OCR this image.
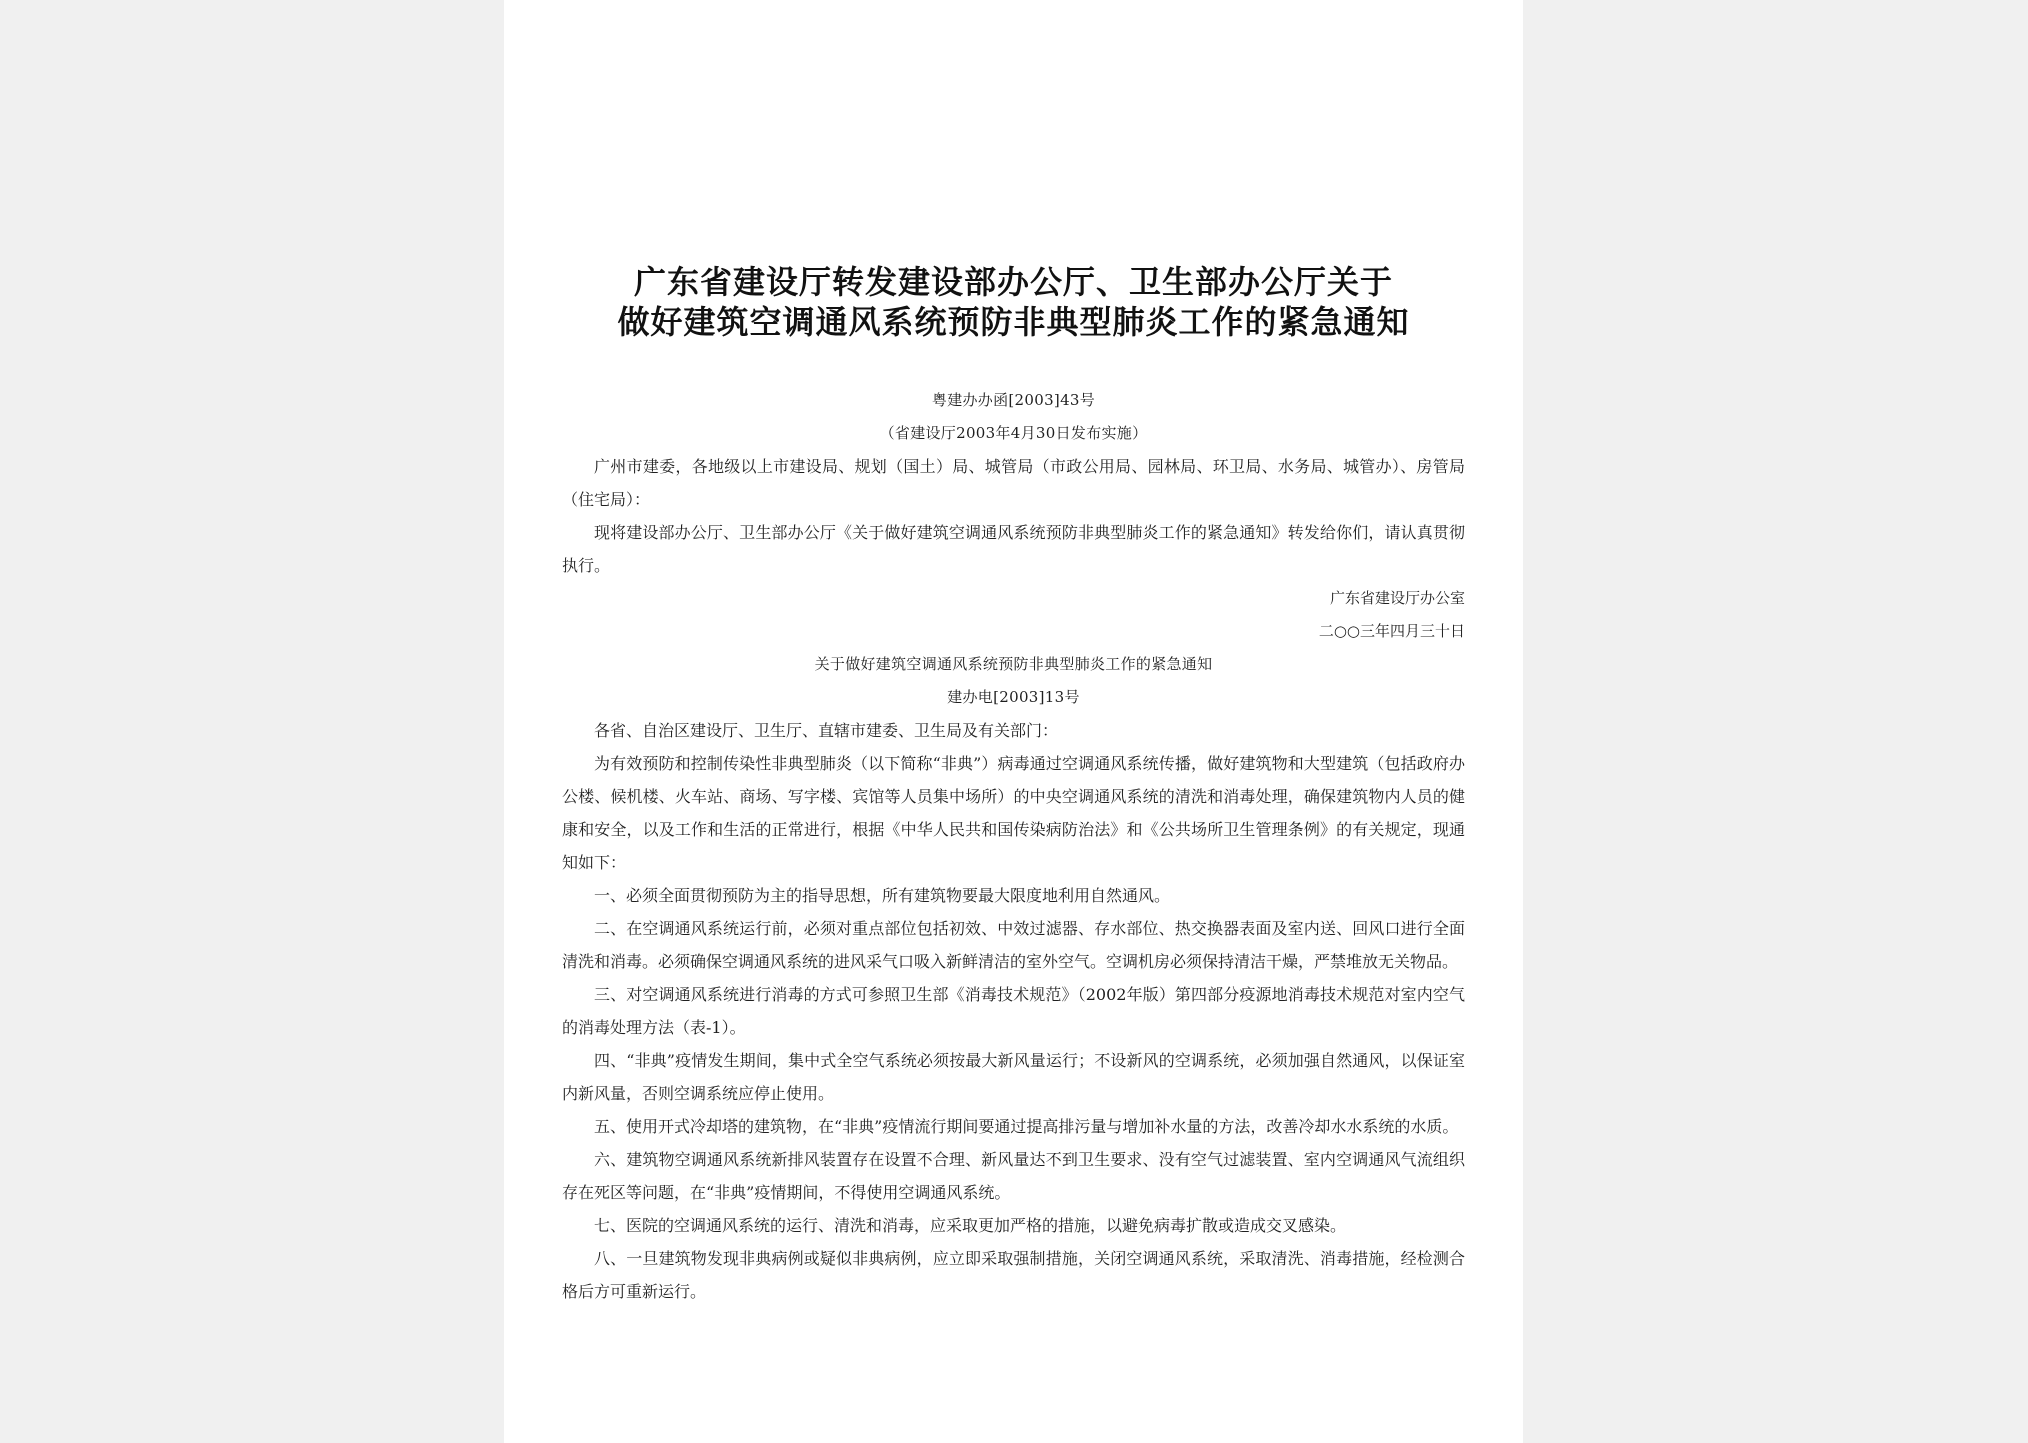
广东省建设厅转发建设部办公厅、卫生部办公厅关于
做好建筑空调通风系统预防非典型肺炎工作的紧急通知
粤建办办函[2003]43号
（省建设厅2003年4月30日发布实施）

广州市建委，各地级以上市建设局、规划（国土）局、城管局（市政公用局、园林局、环卫局、水务局、城管办）、房管局（住宅局）：

现将建设部办公厅、卫生部办公厅《关于做好建筑空调通风系统预防非典型肺炎工作的紧急通知》转发给你们，请认真贯彻执行。

广东省建设厅办公室
二○○三年四月三十日
关于做好建筑空调通风系统预防非典型肺炎工作的紧急通知
建办电[2003]13号

各省、自治区建设厅、卫生厅、直辖市建委、卫生局及有关部门：

为有效预防和控制传染性非典型肺炎（以下简称“非典”）病毒通过空调通风系统传播，做好建筑物和大型建筑（包括政府办公楼、候机楼、火车站、商场、写字楼、宾馆等人员集中场所）的中央空调通风系统的清洗和消毒处理，确保建筑物内人员的健康和安全，以及工作和生活的正常进行，根据《中华人民共和国传染病防治法》和《公共场所卫生管理条例》的有关规定，现通知如下：

一、必须全面贯彻预防为主的指导思想，所有建筑物要最大限度地利用自然通风。

二、在空调通风系统运行前，必须对重点部位包括初效、中效过滤器、存水部位、热交换器表面及室内送、回风口进行全面清洗和消毒。必须确保空调通风系统的进风采气口吸入新鲜清洁的室外空气。空调机房必须保持清洁干燥，严禁堆放无关物品。

三、对空调通风系统进行消毒的方式可参照卫生部《消毒技术规范》（2002年版）第四部分疫源地消毒技术规范对室内空气的消毒处理方法（表-1）。

四、“非典”疫情发生期间，集中式全空气系统必须按最大新风量运行；不设新风的空调系统，必须加强自然通风，以保证室内新风量，否则空调系统应停止使用。

五、使用开式冷却塔的建筑物，在“非典”疫情流行期间要通过提高排污量与增加补水量的方法，改善冷却水水系统的水质。

六、建筑物空调通风系统新排风装置存在设置不合理、新风量达不到卫生要求、没有空气过滤装置、室内空调通风气流组织存在死区等问题，在“非典”疫情期间，不得使用空调通风系统。

七、医院的空调通风系统的运行、清洗和消毒，应采取更加严格的措施，以避免病毒扩散或造成交叉感染。

八、一旦建筑物发现非典病例或疑似非典病例，应立即采取强制措施，关闭空调通风系统，采取清洗、消毒措施，经检测合格后方可重新运行。
